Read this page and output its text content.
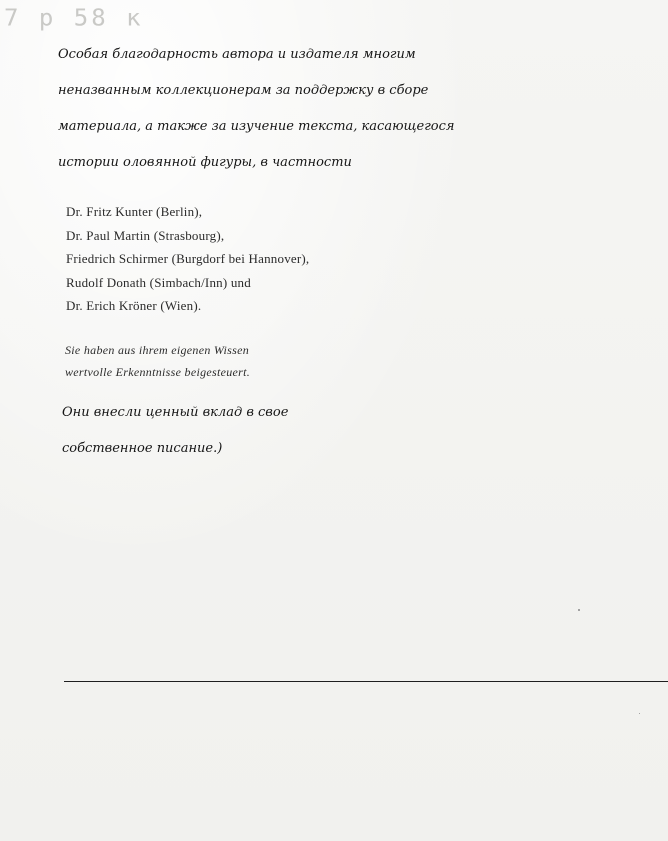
7 р 58 к
Особая благодарность автора и издателя многим
неназванным коллекционерам за поддержку в сборе
материала, а также за изучение текста, касающегося
истории оловянной фигуры, в частности
Dr. Fritz Kunter (Berlin),
Dr. Paul Martin (Strasbourg),
Friedrich Schirmer (Burgdorf bei Hannover),
Rudolf Donath (Simbach/Inn) und
Dr. Erich Kröner (Wien).
Sie haben aus ihrem eigenen Wissen
wertvolle Erkenntnisse beigesteuert.
Они внесли ценный вклад в свое
собственное писание.)
